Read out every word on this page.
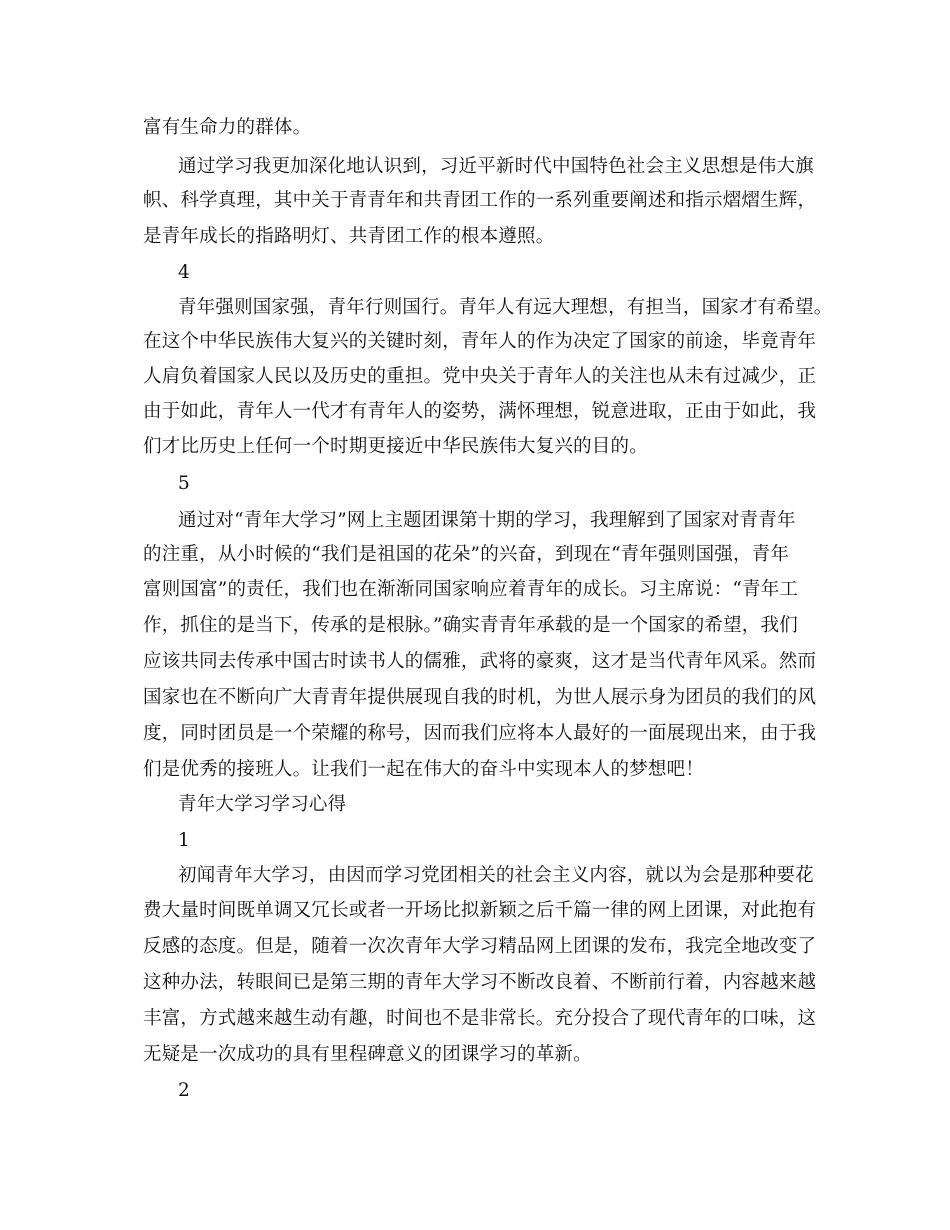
富有生命力的群体。
通过学习我更加深化地认识到，习近平新时代中国特色社会主义思想是伟大旗
帜、科学真理，其中关于青青年和共青团工作的一系列重要阐述和指示熠熠生辉，
是青年成长的指路明灯、共青团工作的根本遵照。
4
青年强则国家强，青年行则国行。青年人有远大理想，有担当，国家才有希望。
在这个中华民族伟大复兴的关键时刻，青年人的作为决定了国家的前途，毕竟青年
人肩负着国家人民以及历史的重担。党中央关于青年人的关注也从未有过减少，正
由于如此，青年人一代才有青年人的姿势，满怀理想，锐意进取，正由于如此，我
们才比历史上任何一个时期更接近中华民族伟大复兴的目的。
5
通过对“青年大学习”网上主题团课第十期的学习，我理解到了国家对青青年
的注重，从小时候的“我们是祖国的花朵”的兴奋，到现在“青年强则国强，青年
富则国富”的责任，我们也在渐渐同国家响应着青年的成长。习主席说：“青年工
作，抓住的是当下，传承的是根脉。”确实青青年承载的是一个国家的希望，我们
应该共同去传承中国古时读书人的儒雅，武将的豪爽，这才是当代青年风采。然而
国家也在不断向广大青青年提供展现自我的时机，为世人展示身为团员的我们的风
度，同时团员是一个荣耀的称号，因而我们应将本人最好的一面展现出来，由于我
们是优秀的接班人。让我们一起在伟大的奋斗中实现本人的梦想吧！
青年大学习学习心得
1
初闻青年大学习，由因而学习党团相关的社会主义内容，就以为会是那种要花
费大量时间既单调又冗长或者一开场比拟新颖之后千篇一律的网上团课，对此抱有
反感的态度。但是，随着一次次青年大学习精品网上团课的发布，我完全地改变了
这种办法，转眼间已是第三期的青年大学习不断改良着、不断前行着，内容越来越
丰富，方式越来越生动有趣，时间也不是非常长。充分投合了现代青年的口味，这
无疑是一次成功的具有里程碑意义的团课学习的革新。
2
